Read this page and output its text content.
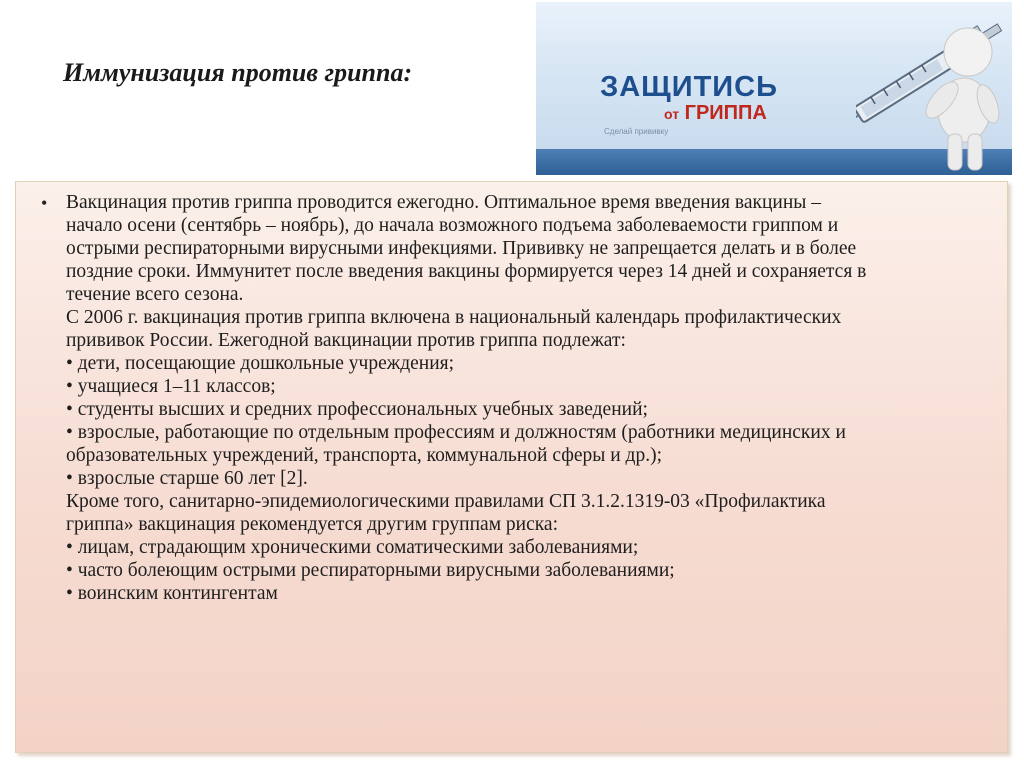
Иммунизация против гриппа:	ЗАЩИТИСЬ
от ГРИППА
Сделай прививку
• Вакцинация против гриппа проводится ежегодно. Оптимальное время введения вакцины –
начало осени (сентябрь – ноябрь), до начала возможного подъема заболеваемости гриппом и
острыми респираторными вирусными инфекциями. Прививку не запрещается делать и в более
поздние сроки. Иммунитет после введения вакцины формируется через 14 дней и сохраняется в
течение всего сезона.
С 2006 г. вакцинация против гриппа включена в национальный календарь профилактических
прививок России. Ежегодной вакцинации против гриппа подлежат:
• дети, посещающие дошкольные учреждения;
• учащиеся 1–11 классов;
• студенты высших и средних профессиональных учебных заведений;
• взрослые, работающие по отдельным профессиям и должностям (работники медицинских и
образовательных учреждений, транспорта, коммунальной сферы и др.);
• взрослые старше 60 лет [2].
Кроме того, санитарно-эпидемиологическими правилами СП 3.1.2.1319-03 «Профилактика
гриппа» вакцинация рекомендуется другим группам риска:
• лицам, страдающим хроническими соматическими заболеваниями;
• часто болеющим острыми респираторными вирусными заболеваниями;
• воинским контингентам
